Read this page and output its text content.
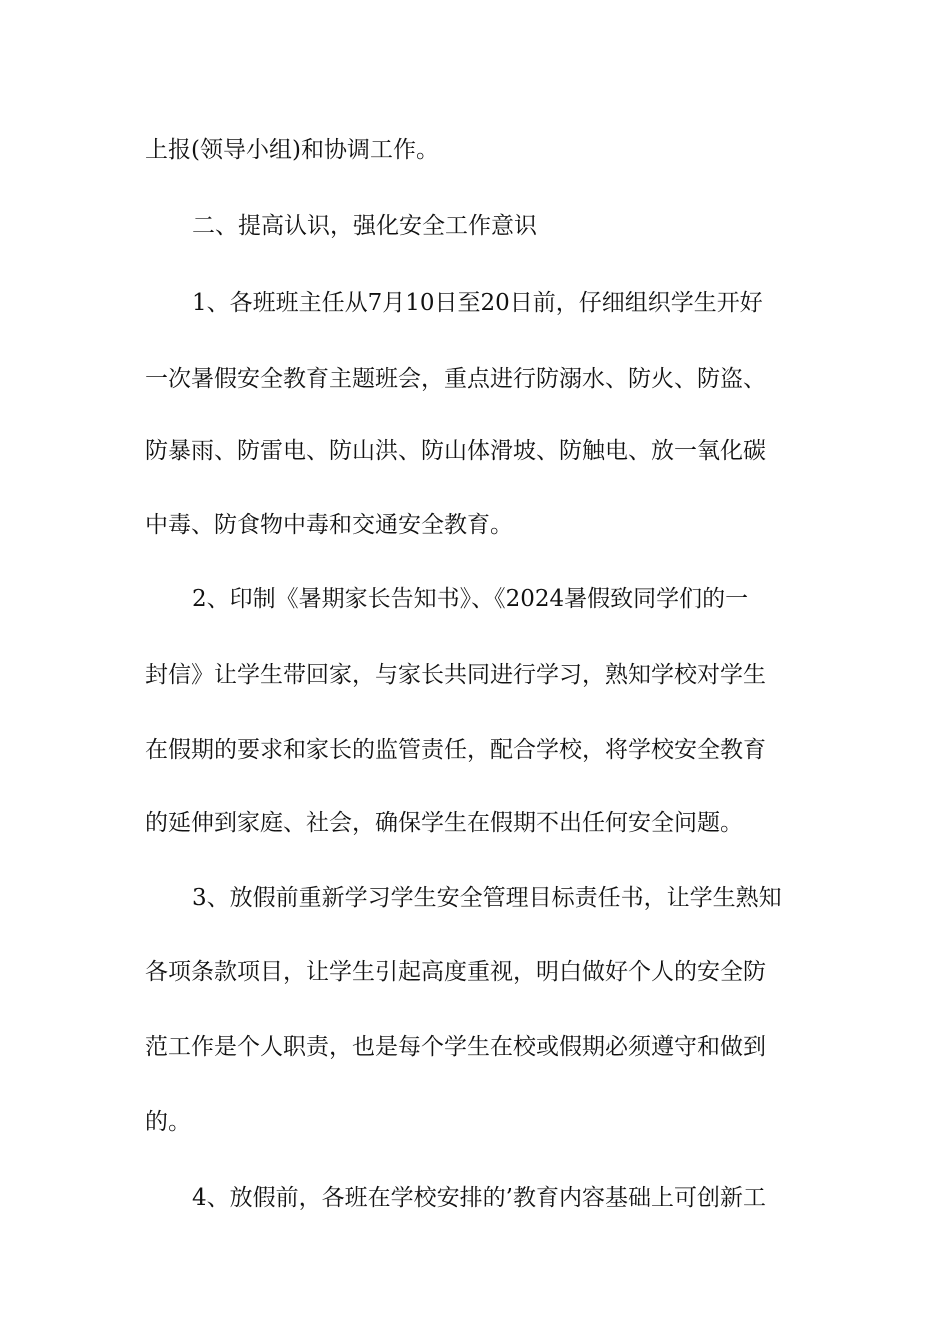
上报(领导小组)和协调工作。
二、提高认识，强化安全工作意识
1、各班班主任从7月10日至20日前，仔细组织学生开好
一次暑假安全教育主题班会，重点进行防溺水、防火、防盗、
防暴雨、防雷电、防山洪、防山体滑坡、防触电、放一氧化碳
中毒、防食物中毒和交通安全教育。
2、印制《暑期家长告知书》、《2024暑假致同学们的一
封信》让学生带回家，与家长共同进行学习，熟知学校对学生
在假期的要求和家长的监管责任，配合学校，将学校安全教育
的延伸到家庭、社会，确保学生在假期不出任何安全问题。
3、放假前重新学习学生安全管理目标责任书，让学生熟知
各项条款项目，让学生引起高度重视，明白做好个人的安全防
范工作是个人职责，也是每个学生在校或假期必须遵守和做到
的。
4、放假前，各班在学校安排的’教育内容基础上可创新工
